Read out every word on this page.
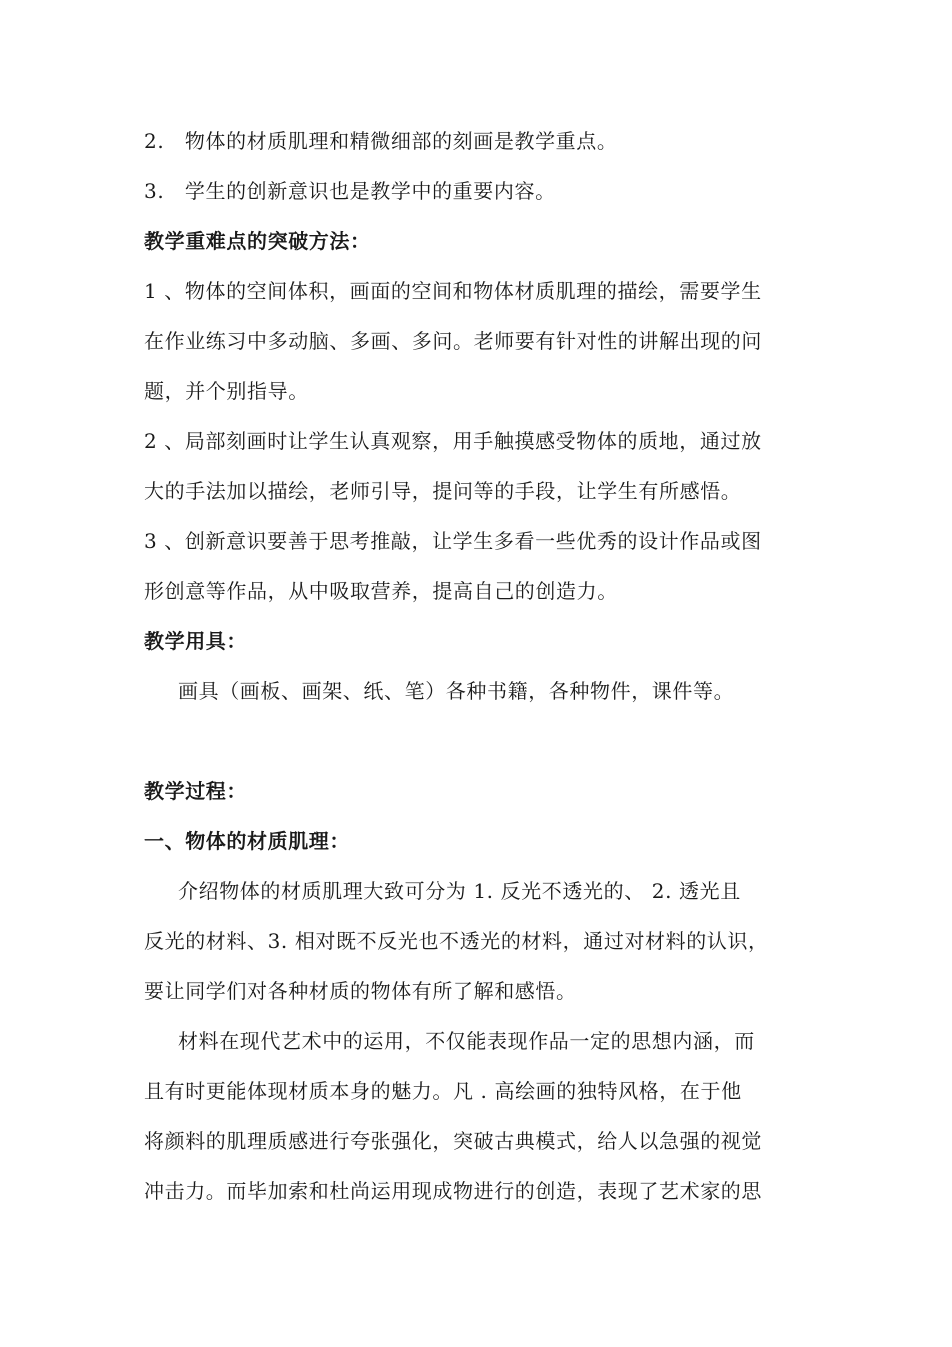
2.　物体的材质肌理和精微细部的刻画是教学重点。
3.　学生的创新意识也是教学中的重要内容。
教学重难点的突破方法：
1 、物体的空间体积，画面的空间和物体材质肌理的描绘，需要学生
在作业练习中多动脑、多画、多问。老师要有针对性的讲解出现的问
题，并个别指导。
2 、局部刻画时让学生认真观察，用手触摸感受物体的质地，通过放
大的手法加以描绘，老师引导，提问等的手段，让学生有所感悟。
3 、创新意识要善于思考推敲，让学生多看一些优秀的设计作品或图
形创意等作品，从中吸取营养，提高自己的创造力。
教学用具：
画具（画板、画架、纸、笔）各种书籍，各种物件，课件等。
教学过程：
一、物体的材质肌理：
介绍物体的材质肌理大致可分为 1. 反光不透光的、 2. 透光且
反光的材料、3. 相对既不反光也不透光的材料，通过对材料的认识，
要让同学们对各种材质的物体有所了解和感悟。
材料在现代艺术中的运用，不仅能表现作品一定的思想内涵，而
且有时更能体现材质本身的魅力。凡 . 高绘画的独特风格，在于他
将颜料的肌理质感进行夸张强化，突破古典模式，给人以急强的视觉
冲击力。而毕加索和杜尚运用现成物进行的创造，表现了艺术家的思
